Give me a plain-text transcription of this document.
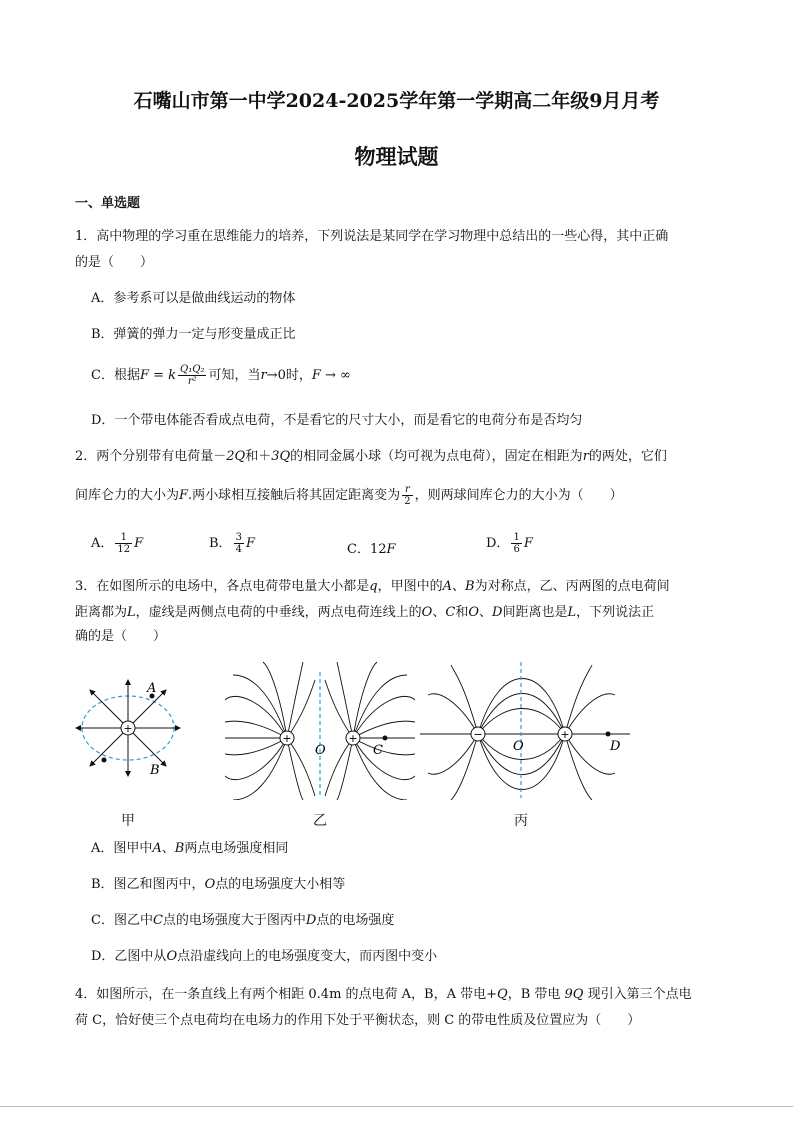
石嘴山市第一中学2024-2025学年第一学期高二年级9月月考
物理试题
一、单选题
1．高中物理的学习重在思维能力的培养，下列说法是某同学在学习物理中总结出的一些心得，其中正确
的是（　　）
A．参考系可以是做曲线运动的物体
B．弹簧的弹力一定与形变量成正比
C．根据F = k $\frac{\text{Q₁Q₂}}{\text{r²}}$ 可知，当r→0时，F → ∞
D．一个带电体能否看成点电荷，不是看它的尺寸大小，而是看它的电荷分布是否均匀
2．两个分别带有电荷量－2Q和＋3Q的相同金属小球（均可视为点电荷），固定在相距为r的两处，它们
间库仑力的大小为F.两小球相互接触后将其固定距离变为 $\frac{r}{2}$ ，则两球间库仑力的大小为（　　）
A． $\frac{1}{12}$ F	B． $\frac{3}{4}$ F	C．12F	D． $\frac{1}{6}$ F
3．在如图所示的电场中，各点电荷带电量大小都是q，甲图中的A、B为对称点，乙、丙两图的点电荷间
距离都为L，虚线是两侧点电荷的中垂线，两点电荷连线上的O、C和O、D间距离也是L，下列说法正
确的是（　　）
+
A
B
+	+
O	C
−	+
O	D
甲	乙	丙
A．图甲中A、B两点电场强度相同
B．图乙和图丙中，O点的电场强度大小相等
C．图乙中C点的电场强度大于图丙中D点的电场强度
D．乙图中从O点沿虚线向上的电场强度变大，而丙图中变小
4．如图所示，在一条直线上有两个相距 0.4m 的点电荷 A，B，A 带电+Q，B 带电 9Q 现引入第三个点电
荷 C，恰好使三个点电荷均在电场力的作用下处于平衡状态，则 C 的带电性质及位置应为（　　）
